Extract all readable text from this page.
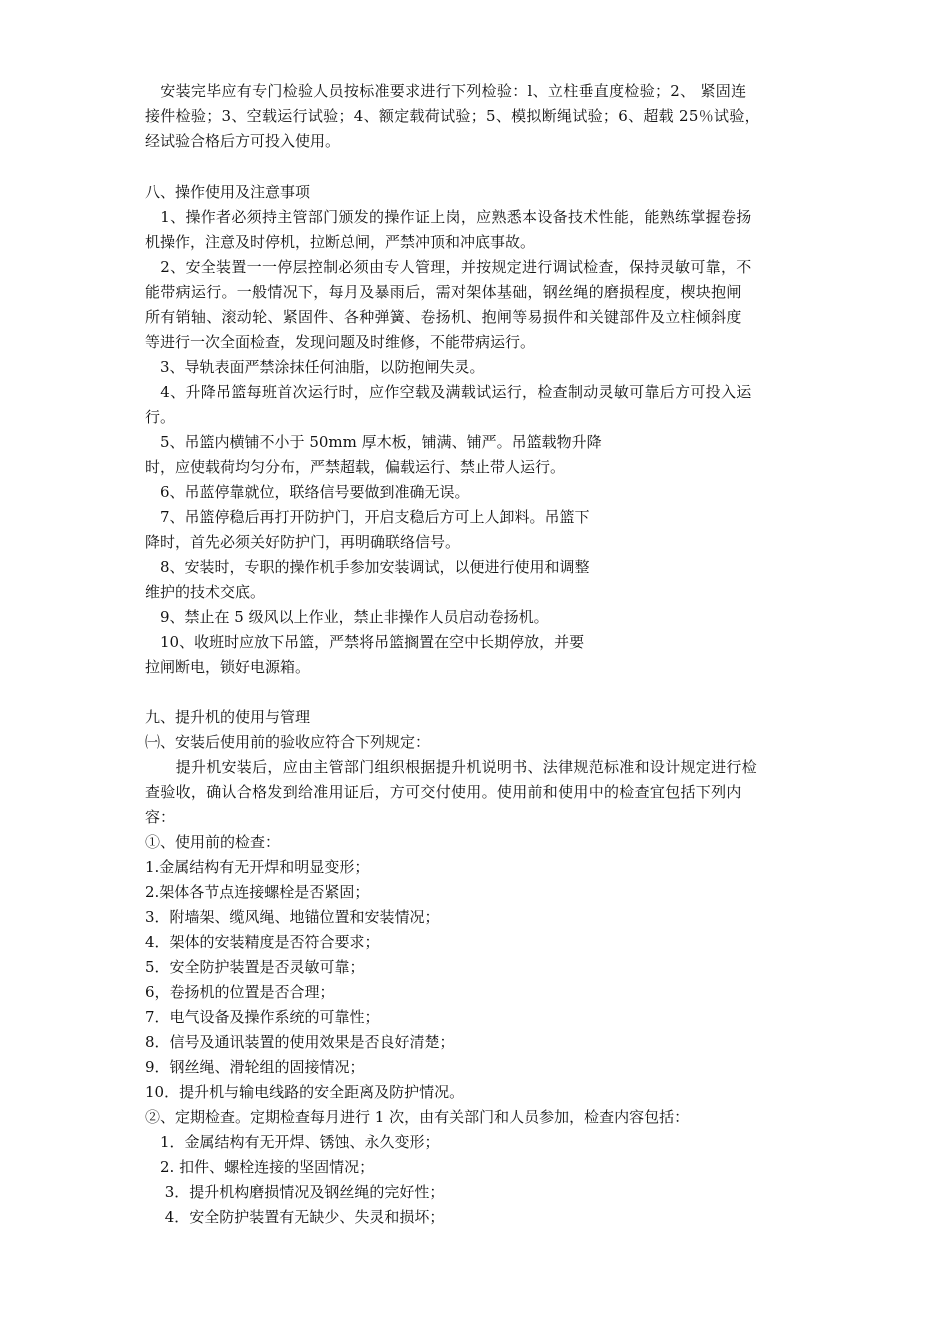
　安装完毕应有专门检验人员按标准要求进行下列检验：l、立柱垂直度检验；2、 紧固连
接件检验；3、空载运行试验；4、额定载荷试验；5、模拟断绳试验；6、超载 25％试验，
经试验合格后方可投入使用。
八、操作使用及注意事项
　1、操作者必须持主管部门颁发的操作证上岗，应熟悉本设备技术性能，能熟练掌握卷扬
机操作，注意及时停机，拉断总闸，严禁冲顶和冲底事故。
　2、安全装置一一停层控制必须由专人管理，并按规定进行调试检查，保持灵敏可靠，不
能带病运行。一般情况下，每月及暴雨后，需对架体基础，钢丝绳的磨损程度，楔块抱闸
所有销轴、滚动轮、紧固件、各种弹簧、卷扬机、抱闸等易损件和关键部件及立柱倾斜度
等进行一次全面检查，发现问题及时维修，不能带病运行。
　3、导轨表面严禁涂抹任何油脂，以防抱闸失灵。
　4、升降吊篮每班首次运行时，应作空载及满载试运行，检查制动灵敏可靠后方可投入运
行。
　5、吊篮内横铺不小于 50mm 厚木板，铺满、铺严。吊篮载物升降
时，应使载荷均匀分布，严禁超载，偏载运行、禁止带人运行。
　6、吊蓝停靠就位，联络信号要做到准确无误。
　7、吊篮停稳后再打开防护门，开启支稳后方可上人卸料。吊篮下
降时，首先必须关好防护门，再明确联络信号。
　8、安装时，专职的操作机手参加安装调试，以便进行使用和调整
维护的技术交底。
　9、禁止在 5 级风以上作业，禁止非操作人员启动卷扬机。
　10、收班时应放下吊篮，严禁将吊篮搁置在空中长期停放，并要
拉闸断电，锁好电源箱。
九、提升机的使用与管理
㈠、安装后使用前的验收应符合下列规定：
　　提升机安装后，应由主管部门组织根据提升机说明书、法律规范标准和设计规定进行检
查验收，确认合格发到给准用证后，方可交付使用。使用前和使用中的检查宜包括下列内
容：
①、使用前的检查：
1.金属结构有无开焊和明显变形；
2.架体各节点连接螺栓是否紧固；
3．附墙架、缆风绳、地锚位置和安装情况；
4．架体的安装精度是否符合要求；
5．安全防护装置是否灵敏可靠；
6，卷扬机的位置是否合理；
7．电气设备及操作系统的可靠性；
8．信号及通讯装置的使用效果是否良好清楚；
9．钢丝绳、滑轮组的固接情况；
10．提升机与输电线路的安全距离及防护情况。
②、定期检查。定期检查每月进行 1 次，由有关部门和人员参加，检查内容包括：
　1．金属结构有无开焊、锈蚀、永久变形；
　2. 扣件、螺栓连接的坚固情况；
　 3．提升机构磨损情况及钢丝绳的完好性；
　 4．安全防护装置有无缺少、失灵和损坏；
